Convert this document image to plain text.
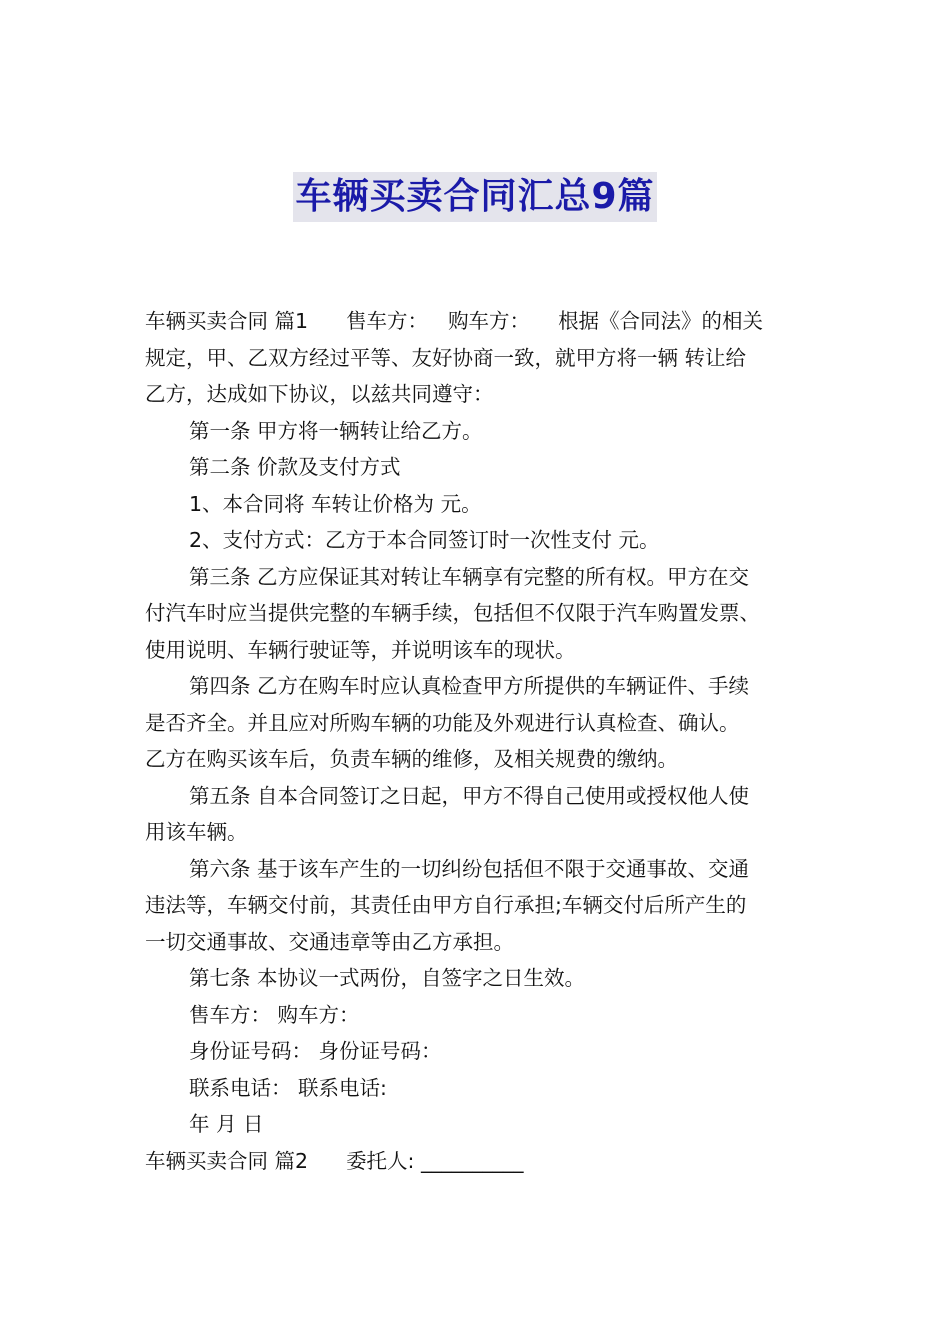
车辆买卖合同汇总9篇
车辆买卖合同 篇1 售车方： 购车方： 根据《合同法》的相关
规定，甲、乙双方经过平等、友好协商一致，就甲方将一辆 转让给
乙方，达成如下协议，以兹共同遵守：
第一条 甲方将一辆转让给乙方。
第二条 价款及支付方式
1、本合同将 车转让价格为 元。
2、支付方式：乙方于本合同签订时一次性支付 元。
第三条 乙方应保证其对转让车辆享有完整的所有权。甲方在交
付汽车时应当提供完整的车辆手续，包括但不仅限于汽车购置发票、
使用说明、车辆行驶证等，并说明该车的现状。
第四条 乙方在购车时应认真检查甲方所提供的车辆证件、手续
是否齐全。并且应对所购车辆的功能及外观进行认真检查、确认。
乙方在购买该车后，负责车辆的维修，及相关规费的缴纳。
第五条 自本合同签订之日起，甲方不得自己使用或授权他人使
用该车辆。
第六条 基于该车产生的一切纠纷包括但不限于交通事故、交通
违法等，车辆交付前，其责任由甲方自行承担;车辆交付后所产生的
一切交通事故、交通违章等由乙方承担。
第七条 本协议一式两份，自签字之日生效。
售车方： 购车方：
身份证号码： 身份证号码：
联系电话： 联系电话:
年 月 日
车辆买卖合同 篇2 委托人: __________
